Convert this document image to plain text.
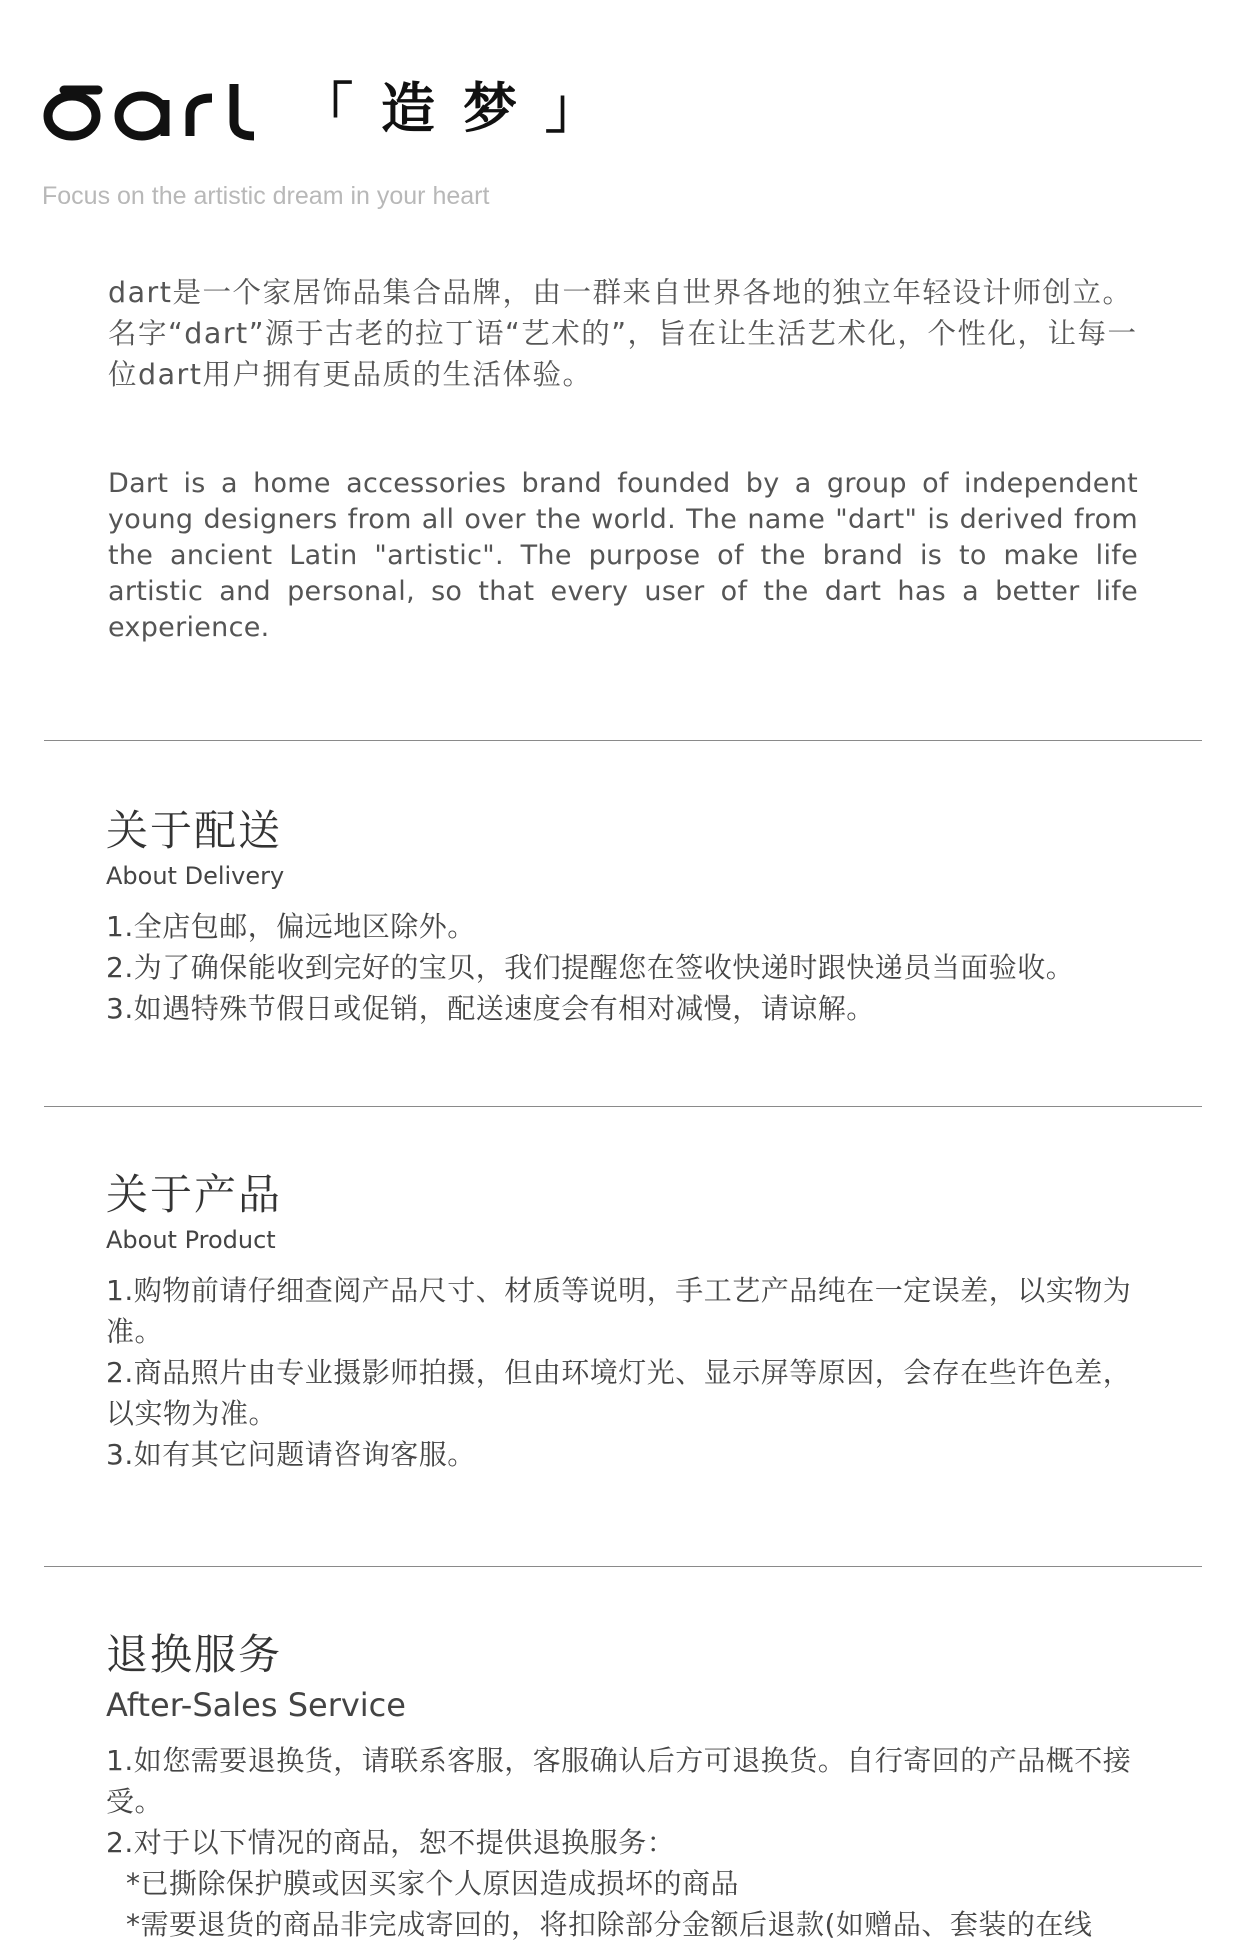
「造梦」
Focus on the artistic dream in your heart
dart是一个家居饰品集合品牌，由一群来自世界各地的独立年轻设计师创立。名字“dart”源于古老的拉丁语“艺术的”，旨在让生活艺术化，个性化，让每一位dart用户拥有更品质的生活体验。
Dart is a home accessories brand founded by a group of independent young designers from all over the world. The name "dart" is derived from the ancient Latin "artistic". The purpose of the brand is to make life artistic and personal, so that every user of the dart has a better life experience.
关于配送
About Delivery

1.全店包邮，偏远地区除外。

2.为了确保能收到完好的宝贝，我们提醒您在签收快递时跟快递员当面验收。

3.如遇特殊节假日或促销，配送速度会有相对减慢，请谅解。

关于产品
About Product

1.购物前请仔细查阅产品尺寸、材质等说明，手工艺产品纯在一定误差，以实物为准。

2.商品照片由专业摄影师拍摄，但由环境灯光、显示屏等原因，会存在些许色差，以实物为准。

3.如有其它问题请咨询客服。

退换服务
After-Sales Service

1.如您需要退换货，请联系客服，客服确认后方可退换货。自行寄回的产品概不接受。

2.对于以下情况的商品，恕不提供退换服务：

*已撕除保护膜或因买家个人原因造成损坏的商品

*需要退货的商品非完成寄回的，将扣除部分金额后退款(如赠品、套装的在线
